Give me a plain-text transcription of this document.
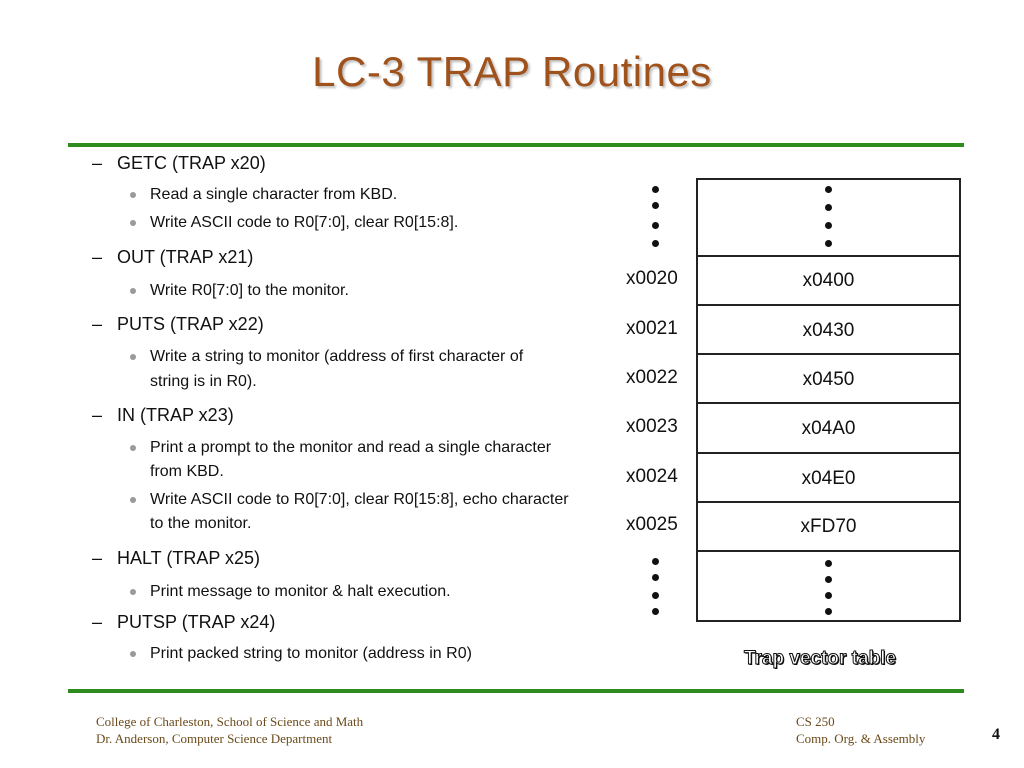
LC-3 TRAP Routines
– GETC (TRAP x20)
Read a single character from KBD.
Write ASCII code to R0[7:0], clear R0[15:8].
– OUT (TRAP x21)
Write R0[7:0] to the monitor.
– PUTS (TRAP x22)
Write a string to monitor (address of first character of
string is in R0).
– IN (TRAP x23)
Print a prompt to the monitor and read a single character
from KBD.
Write ASCII code to R0[7:0], clear R0[15:8], echo character
to the monitor.
– HALT (TRAP x25)
Print message to monitor & halt execution.
– PUTSP (TRAP x24)
Print packed string to monitor (address in R0)
x0020
x0021
x0022
x0023
x0024
x0025
x0400
x0430
x0450
x04A0
x04E0
xFD70
Trap vector table
College of Charleston, School of Science and Math
Dr. Anderson, Computer Science Department
CS 250
Comp. Org. & Assembly	4
